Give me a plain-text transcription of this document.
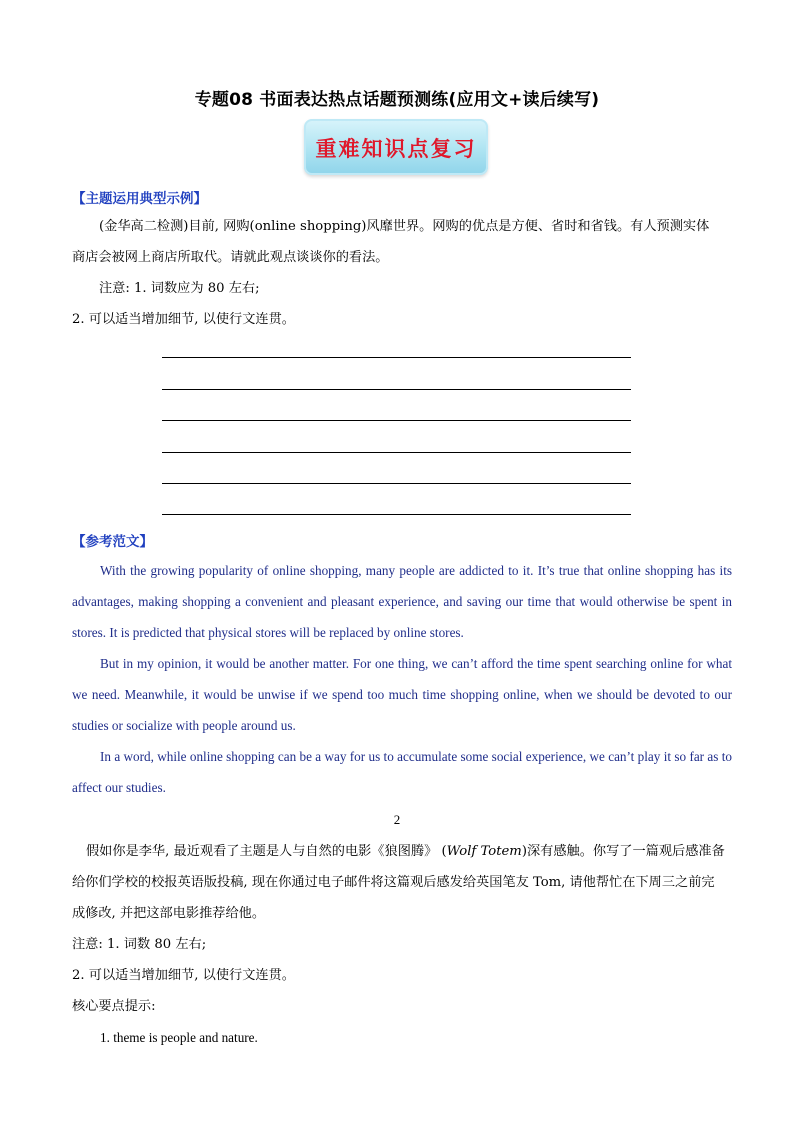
专题08 书面表达热点话题预测练(应用文+读后续写)
重难知识点复习
【主题运用典型示例】

(金华高二检测)目前, 网购(online shopping)风靡世界。网购的优点是方便、省时和省钱。有人预测实体

商店会被网上商店所取代。请就此观点谈谈你的看法。

注意: 1. 词数应为 80 左右;

2. 可以适当增加细节, 以使行文连贯。

【参考范文】

With the growing popularity of online shopping, many people are addicted to it. It’s true that online shopping has its advantages, making shopping a convenient and pleasant experience, and saving our time that would otherwise be spent in stores. It is predicted that physical stores will be replaced by online stores.

But in my opinion, it would be another matter. For one thing, we can’t afford the time spent searching online for what we need. Meanwhile, it would be unwise if we spend too much time shopping online, when we should be devoted to our studies or socialize with people around us.

In a word, while online shopping can be a way for us to accumulate some social experience, we can’t play it so far as to affect our studies.

2

假如你是李华, 最近观看了主题是人与自然的电影《狼图腾》 (Wolf Totem)深有感触。你写了一篇观后感准备给你们学校的校报英语版投稿, 现在你通过电子邮件将这篇观后感发给英国笔友 Tom, 请他帮忙在下周三之前完成修改, 并把这部电影推荐给他。

注意: 1. 词数 80 左右;

2. 可以适当增加细节, 以使行文连贯。

核心要点提示:

1. theme is people and nature.
